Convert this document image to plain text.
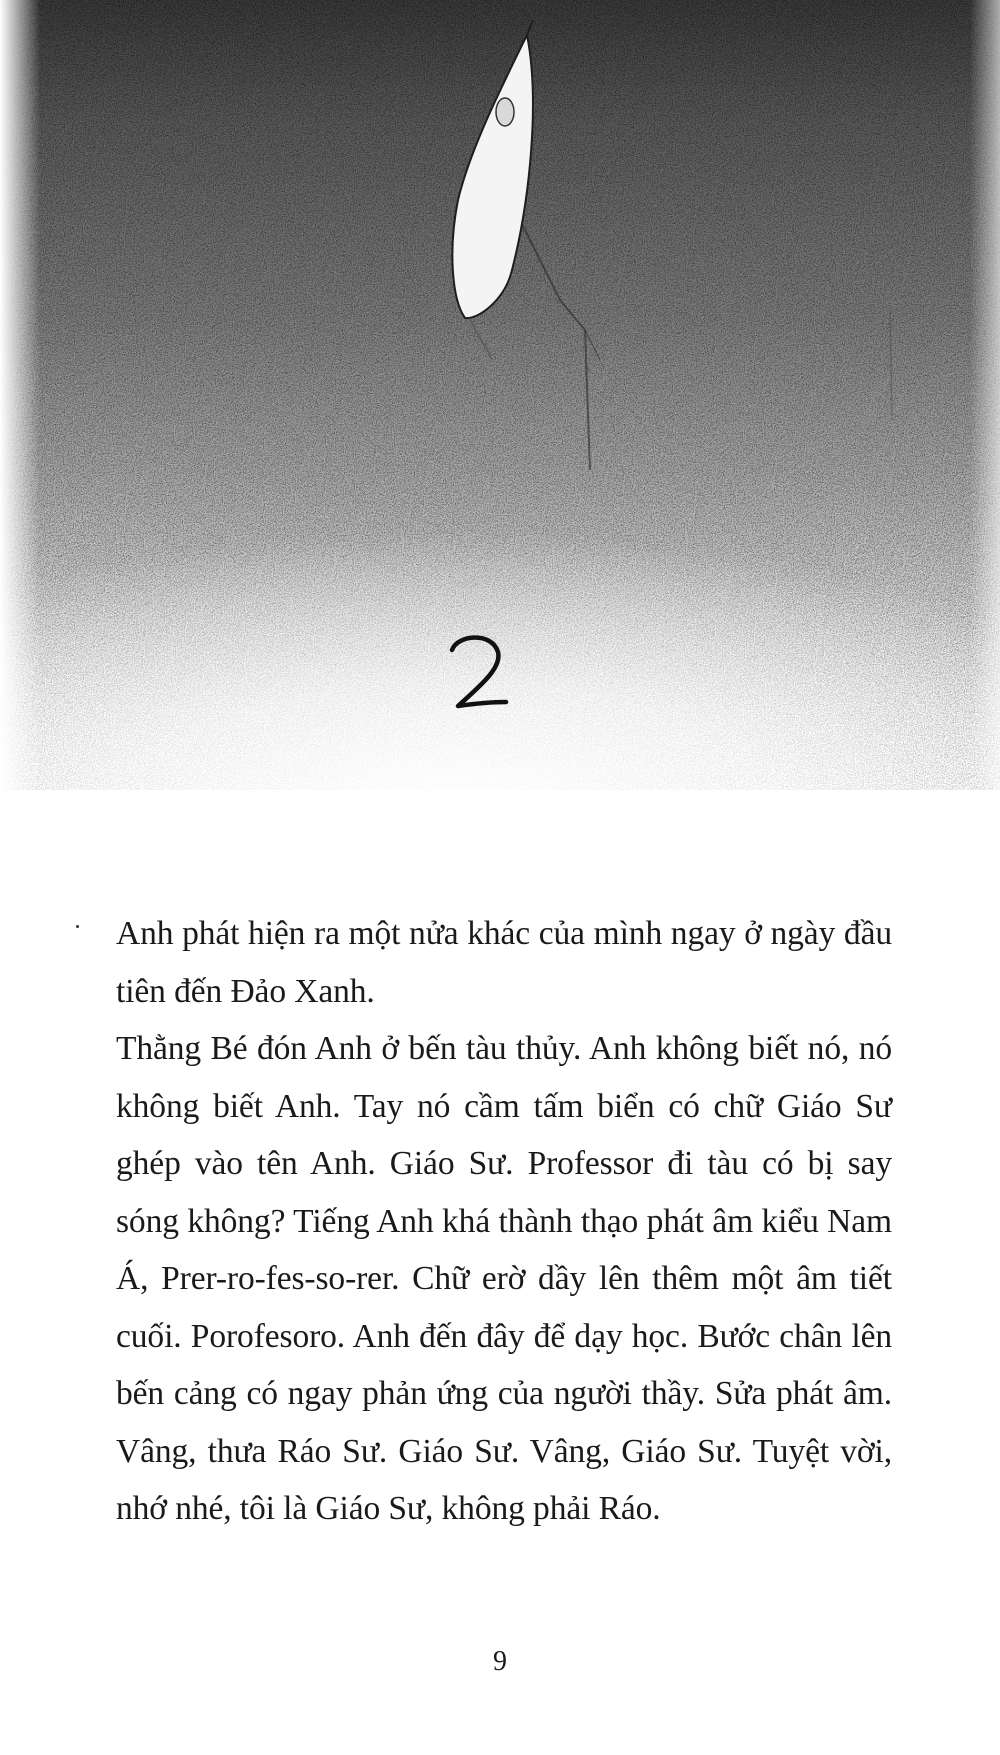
2

Anh phát hiện ra một nửa khác của mình ngay ở ngày đầu tiên đến Đảo Xanh.

Thằng Bé đón Anh ở bến tàu thủy. Anh không biết nó, nó không biết Anh. Tay nó cầm tấm biển có chữ Giáo Sư ghép vào tên Anh. Giáo Sư. Professor đi tàu có bị say sóng không? Tiếng Anh khá thành thạo phát âm kiểu Nam Á, Prer-ro-fes-so-rer. Chữ erờ dầy lên thêm một âm tiết cuối. Porofesoro. Anh đến đây để dạy học. Bước chân lên bến cảng có ngay phản ứng của người thầy. Sửa phát âm. Vâng, thưa Ráo Sư. Giáo Sư. Vâng, Giáo Sư. Tuyệt vời, nhớ nhé, tôi là Giáo Sư, không phải Ráo.

9
